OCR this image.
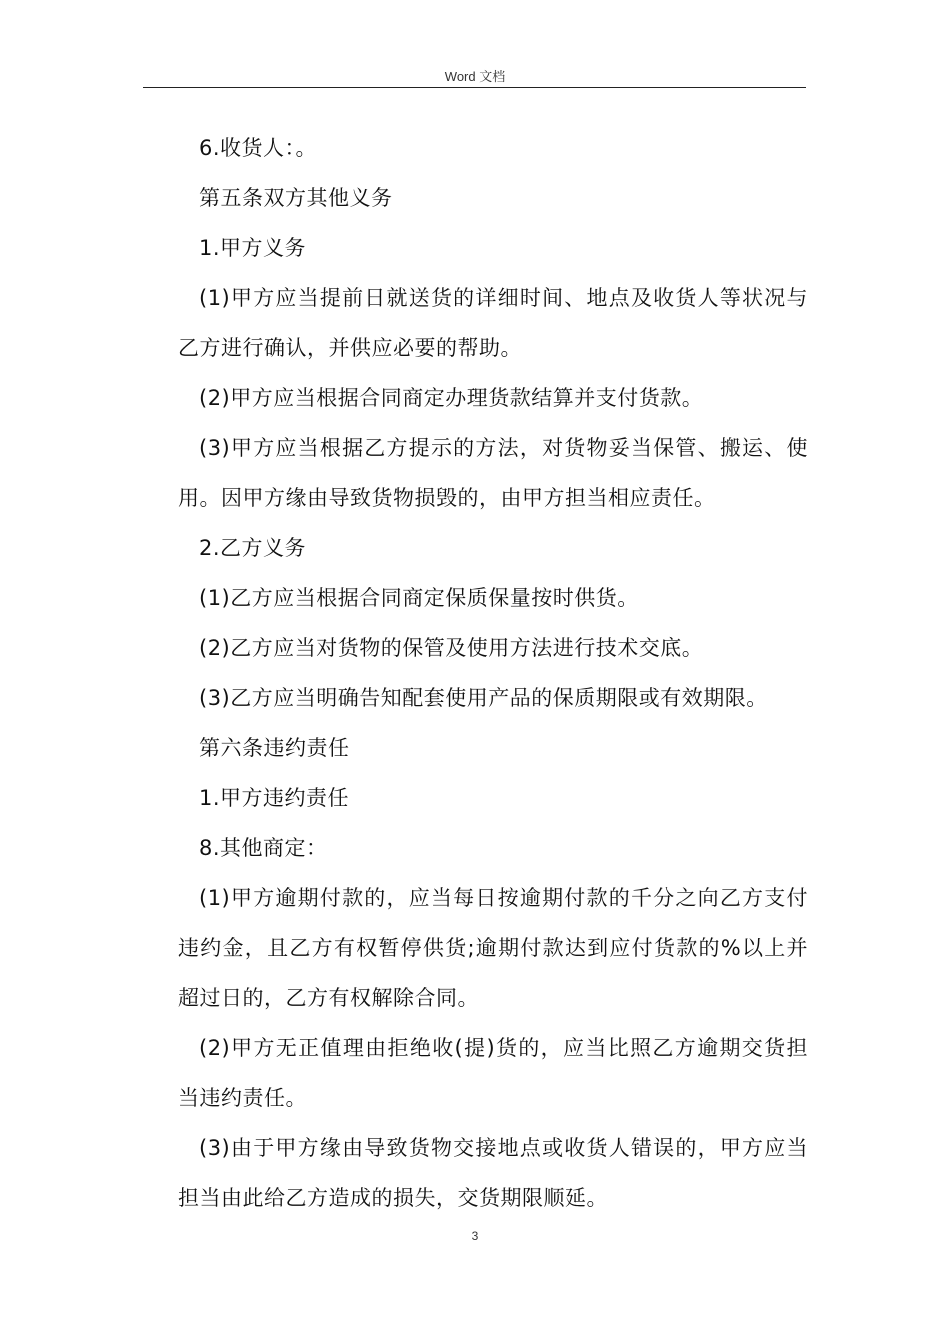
Word 文档
6.收货人：。
第五条双方其他义务
1.甲方义务
(1)甲方应当提前日就送货的详细时间、地点及收货人等状况与
乙方进行确认，并供应必要的帮助。
(2)甲方应当根据合同商定办理货款结算并支付货款。
(3)甲方应当根据乙方提示的方法，对货物妥当保管、搬运、使
用。因甲方缘由导致货物损毁的，由甲方担当相应责任。
2.乙方义务
(1)乙方应当根据合同商定保质保量按时供货。
(2)乙方应当对货物的保管及使用方法进行技术交底。
(3)乙方应当明确告知配套使用产品的保质期限或有效期限。
第六条违约责任
1.甲方违约责任
8.其他商定：
(1)甲方逾期付款的，应当每日按逾期付款的千分之向乙方支付
违约金，且乙方有权暂停供货;逾期付款达到应付货款的%以上并
超过日的，乙方有权解除合同。
(2)甲方无正值理由拒绝收(提)货的，应当比照乙方逾期交货担
当违约责任。
(3)由于甲方缘由导致货物交接地点或收货人错误的，甲方应当
担当由此给乙方造成的损失，交货期限顺延。
3
